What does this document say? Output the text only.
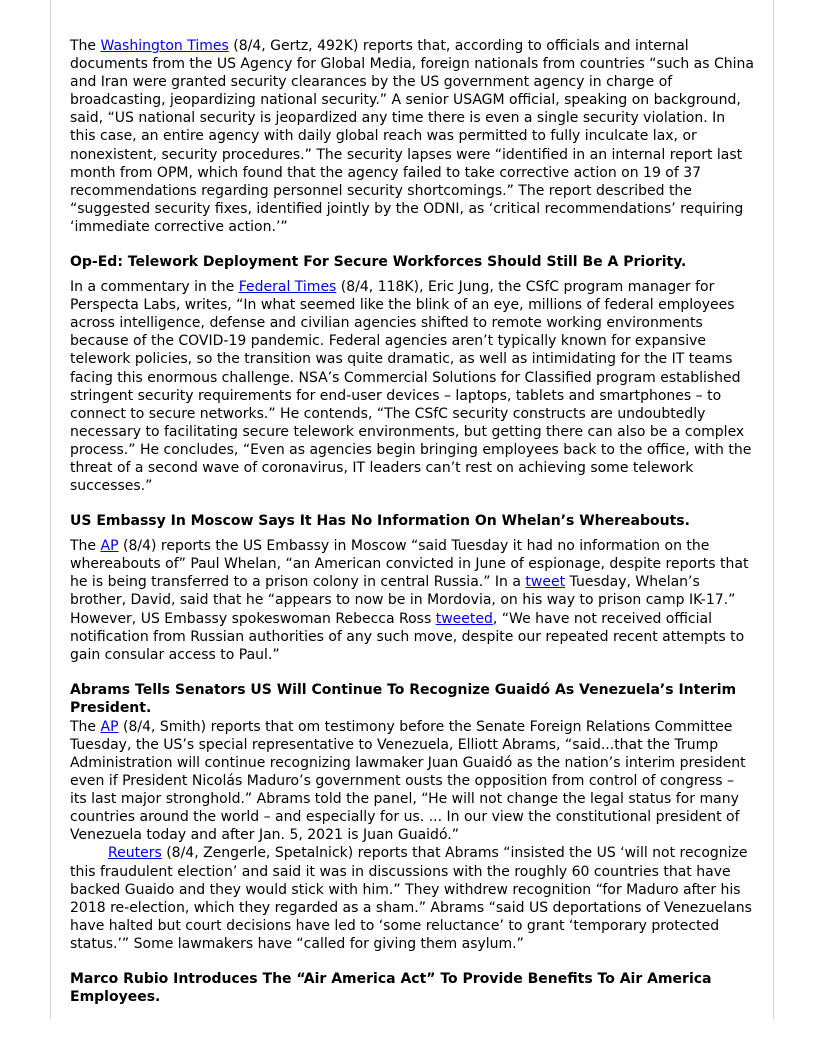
The Washington Times (8/4, Gertz, 492K) reports that, according to officials and internal documents from the US Agency for Global Media, foreign nationals from countries “such as China and Iran were granted security clearances by the US government agency in charge of broadcasting, jeopardizing national security.” A senior USAGM official, speaking on background, said, “US national security is jeopardized any time there is even a single security violation. In this case, an entire agency with daily global reach was permitted to fully inculcate lax, or nonexistent, security procedures.” The security lapses were “identified in an internal report last month from OPM, which found that the agency failed to take corrective action on 19 of 37 recommendations regarding personnel security shortcomings.” The report described the “suggested security fixes, identified jointly by the ODNI, as ‘critical recommendations’ requiring ‘immediate corrective action.’”

Op-Ed: Telework Deployment For Secure Workforces Should Still Be A Priority.

In a commentary in the Federal Times (8/4, 118K), Eric Jung, the CSfC program manager for Perspecta Labs, writes, “In what seemed like the blink of an eye, millions of federal employees across intelligence, defense and civilian agencies shifted to remote working environments because of the COVID-19 pandemic. Federal agencies aren’t typically known for expansive telework policies, so the transition was quite dramatic, as well as intimidating for the IT teams facing this enormous challenge. NSA’s Commercial Solutions for Classified program established stringent security requirements for end-user devices – laptops, tablets and smartphones – to connect to secure networks.” He contends, “The CSfC security constructs are undoubtedly necessary to facilitating secure telework environments, but getting there can also be a complex process.” He concludes, “Even as agencies begin bringing employees back to the office, with the threat of a second wave of coronavirus, IT leaders can’t rest on achieving some telework successes.”

US Embassy In Moscow Says It Has No Information On Whelan’s Whereabouts.

The AP (8/4) reports the US Embassy in Moscow “said Tuesday it had no information on the whereabouts of” Paul Whelan, “an American convicted in June of espionage, despite reports that he is being transferred to a prison colony in central Russia.” In a tweet Tuesday, Whelan’s brother, David, said that he “appears to now be in Mordovia, on his way to prison camp IK-17.” However, US Embassy spokeswoman Rebecca Ross tweeted, “We have not received official notification from Russian authorities of any such move, despite our repeated recent attempts to gain consular access to Paul.”

Abrams Tells Senators US Will Continue To Recognize Guaidó As Venezuela’s Interim President.

The AP (8/4, Smith) reports that om testimony before the Senate Foreign Relations Committee Tuesday, the US’s special representative to Venezuela, Elliott Abrams, “said...that the Trump Administration will continue recognizing lawmaker Juan Guaidó as the nation’s interim president even if President Nicolás Maduro’s government ousts the opposition from control of congress – its last major stronghold.” Abrams told the panel, “He will not change the legal status for many countries around the world – and especially for us. ... In our view the constitutional president of Venezuela today and after Jan. 5, 2021 is Juan Guaidó.”

Reuters (8/4, Zengerle, Spetalnick) reports that Abrams “insisted the US ‘will not recognize this fraudulent election’ and said it was in discussions with the roughly 60 countries that have backed Guaido and they would stick with him.” They withdrew recognition “for Maduro after his 2018 re-election, which they regarded as a sham.” Abrams “said US deportations of Venezuelans have halted but court decisions have led to ‘some reluctance’ to grant ‘temporary protected status.’” Some lawmakers have “called for giving them asylum.”

Marco Rubio Introduces The “Air America Act” To Provide Benefits To Air America Employees.
